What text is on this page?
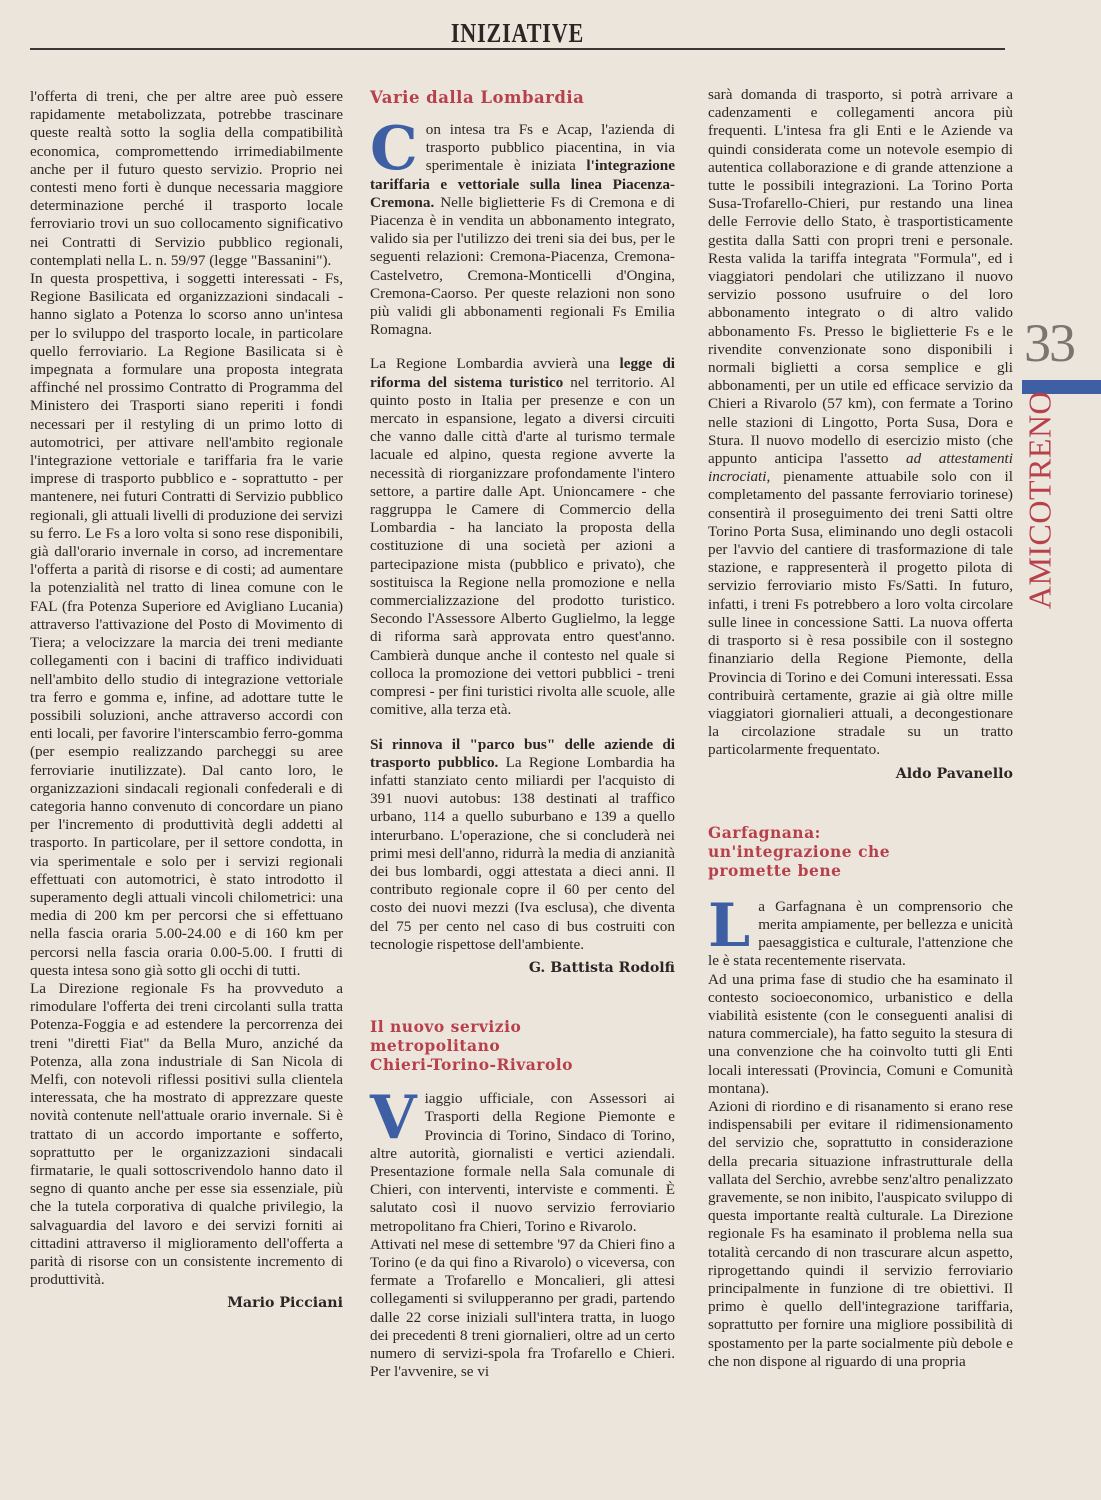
INIZIATIVE

l'offerta di treni, che per altre aree può essere rapidamente metabolizzata, potrebbe trascinare queste realtà sotto la soglia della compatibilità economica, compromettendo irrimediabilmente anche per il futuro questo servizio. Proprio nei contesti meno forti è dunque necessaria maggiore determinazione perché il trasporto locale ferroviario trovi un suo collocamento significativo nei Contratti di Servizio pubblico regionali, contemplati nella L. n. 59/97 (legge "Bassanini").

In questa prospettiva, i soggetti interessati - Fs, Regione Basilicata ed organizzazioni sindacali - hanno siglato a Potenza lo scorso anno un'intesa per lo sviluppo del trasporto locale, in particolare quello ferroviario. La Regione Basilicata si è impegnata a formulare una proposta integrata affinché nel prossimo Contratto di Programma del Ministero dei Trasporti siano reperiti i fondi necessari per il restyling di un primo lotto di automotrici, per attivare nell'ambito regionale l'integrazione vettoriale e tariffaria fra le varie imprese di trasporto pubblico e - soprattutto - per mantenere, nei futuri Contratti di Servizio pubblico regionali, gli attuali livelli di produzione dei servizi su ferro. Le Fs a loro volta si sono rese disponibili, già dall'orario invernale in corso, ad incrementare l'offerta a parità di risorse e di costi; ad aumentare la potenzialità nel tratto di linea comune con le FAL (fra Potenza Superiore ed Avigliano Lucania) attraverso l'attivazione del Posto di Movimento di Tiera; a velocizzare la marcia dei treni mediante collegamenti con i bacini di traffico individuati nell'ambito dello studio di integrazione vettoriale tra ferro e gomma e, infine, ad adottare tutte le possibili soluzioni, anche attraverso accordi con enti locali, per favorire l'interscambio ferro-gomma (per esempio realizzando parcheggi su aree ferroviarie inutilizzate). Dal canto loro, le organizzazioni sindacali regionali confederali e di categoria hanno convenuto di concordare un piano per l'incremento di produttività degli addetti al trasporto. In particolare, per il settore condotta, in via sperimentale e solo per i servizi regionali effettuati con automotrici, è stato introdotto il superamento degli attuali vincoli chilometrici: una media di 200 km per percorsi che si effettuano nella fascia oraria 5.00-24.00 e di 160 km per percorsi nella fascia oraria 0.00-5.00. I frutti di questa intesa sono già sotto gli occhi di tutti.

La Direzione regionale Fs ha provveduto a rimodulare l'offerta dei treni circolanti sulla tratta Potenza-Foggia e ad estendere la percorrenza dei treni "diretti Fiat" da Bella Muro, anziché da Potenza, alla zona industriale di San Nicola di Melfi, con notevoli riflessi positivi sulla clientela interessata, che ha mostrato di apprezzare queste novità contenute nell'attuale orario invernale. Si è trattato di un accordo importante e sofferto, soprattutto per le organizzazioni sindacali firmatarie, le quali sottoscrivendolo hanno dato il segno di quanto anche per esse sia essenziale, più che la tutela corporativa di qualche privilegio, la salvaguardia del lavoro e dei servizi forniti ai cittadini attraverso il miglioramento dell'offerta a parità di risorse con un consistente incremento di produttività.

Mario Picciani

Varie dalla Lombardia

Con intesa tra Fs e Acap, l'azienda di trasporto pubblico piacentina, in via sperimentale è iniziata l'integrazione tariffaria e vettoriale sulla linea Piacenza-Cremona. Nelle biglietterie Fs di Cremona e di Piacenza è in vendita un abbonamento integrato, valido sia per l'utilizzo dei treni sia dei bus, per le seguenti relazioni: Cremona-Piacenza, Cremona-Castelvetro, Cremona-Monticelli d'Ongina, Cremona-Caorso. Per queste relazioni non sono più validi gli abbonamenti regionali Fs Emilia Romagna.

La Regione Lombardia avvierà una legge di riforma del sistema turistico nel territorio. Al quinto posto in Italia per presenze e con un mercato in espansione, legato a diversi circuiti che vanno dalle città d'arte al turismo termale lacuale ed alpino, questa regione avverte la necessità di riorganizzare profondamente l'intero settore, a partire dalle Apt. Unioncamere - che raggruppa le Camere di Commercio della Lombardia - ha lanciato la proposta della costituzione di una società per azioni a partecipazione mista (pubblico e privato), che sostituisca la Regione nella promozione e nella commercializzazione del prodotto turistico. Secondo l'Assessore Alberto Guglielmo, la legge di riforma sarà approvata entro quest'anno. Cambierà dunque anche il contesto nel quale si colloca la promozione dei vettori pubblici - treni compresi - per fini turistici rivolta alle scuole, alle comitive, alla terza età.

Si rinnova il "parco bus" delle aziende di trasporto pubblico. La Regione Lombardia ha infatti stanziato cento miliardi per l'acquisto di 391 nuovi autobus: 138 destinati al traffico urbano, 114 a quello suburbano e 139 a quello interurbano. L'operazione, che si concluderà nei primi mesi dell'anno, ridurrà la media di anzianità dei bus lombardi, oggi attestata a dieci anni. Il contributo regionale copre il 60 per cento del costo dei nuovi mezzi (Iva esclusa), che diventa del 75 per cento nel caso di bus costruiti con tecnologie rispettose dell'ambiente.

G. Battista Rodolfi

Il nuovo servizio
metropolitano
Chieri-Torino-Rivarolo

Viaggio ufficiale, con Assessori ai Trasporti della Regione Piemonte e Provincia di Torino, Sindaco di Torino, altre autorità, giornalisti e vertici aziendali. Presentazione formale nella Sala comunale di Chieri, con interventi, interviste e commenti. È salutato così il nuovo servizio ferroviario metropolitano fra Chieri, Torino e Rivarolo.

Attivati nel mese di settembre '97 da Chieri fino a Torino (e da qui fino a Rivarolo) o viceversa, con fermate a Trofarello e Moncalieri, gli attesi collegamenti si svilupperanno per gradi, partendo dalle 22 corse iniziali sull'intera tratta, in luogo dei precedenti 8 treni giornalieri, oltre ad un certo numero di servizi-spola fra Trofarello e Chieri. Per l'avvenire, se vi

sarà domanda di trasporto, si potrà arrivare a cadenzamenti e collegamenti ancora più frequenti. L'intesa fra gli Enti e le Aziende va quindi considerata come un notevole esempio di autentica collaborazione e di grande attenzione a tutte le possibili integrazioni. La Torino Porta Susa-Trofarello-Chieri, pur restando una linea delle Ferrovie dello Stato, è trasportisticamente gestita dalla Satti con propri treni e personale. Resta valida la tariffa integrata "Formula", ed i viaggiatori pendolari che utilizzano il nuovo servizio possono usufruire o del loro abbonamento integrato o di altro valido abbonamento Fs. Presso le biglietterie Fs e le rivendite convenzionate sono disponibili i normali biglietti a corsa semplice e gli abbonamenti, per un utile ed efficace servizio da Chieri a Rivarolo (57 km), con fermate a Torino nelle stazioni di Lingotto, Porta Susa, Dora e Stura. Il nuovo modello di esercizio misto (che appunto anticipa l'assetto ad attestamenti incrociati, pienamente attuabile solo con il completamento del passante ferroviario torinese) consentirà il proseguimento dei treni Satti oltre Torino Porta Susa, eliminando uno degli ostacoli per l'avvio del cantiere di trasformazione di tale stazione, e rappresenterà il progetto pilota di servizio ferroviario misto Fs/Satti. In futuro, infatti, i treni Fs potrebbero a loro volta circolare sulle linee in concessione Satti. La nuova offerta di trasporto si è resa possibile con il sostegno finanziario della Regione Piemonte, della Provincia di Torino e dei Comuni interessati. Essa contribuirà certamente, grazie ai già oltre mille viaggiatori giornalieri attuali, a decongestionare la circolazione stradale su un tratto particolarmente frequentato.

Aldo Pavanello

Garfagnana:
un'integrazione che
promette bene

La Garfagnana è un comprensorio che merita ampiamente, per bellezza e unicità paesaggistica e culturale, l'attenzione che le è stata recentemente riservata.

Ad una prima fase di studio che ha esaminato il contesto socioeconomico, urbanistico e della viabilità esistente (con le conseguenti analisi di natura commerciale), ha fatto seguito la stesura di una convenzione che ha coinvolto tutti gli Enti locali interessati (Provincia, Comuni e Comunità montana).

Azioni di riordino e di risanamento si erano rese indispensabili per evitare il ridimensionamento del servizio che, soprattutto in considerazione della precaria situazione infrastrutturale della vallata del Serchio, avrebbe senz'altro penalizzato gravemente, se non inibito, l'auspicato sviluppo di questa importante realtà culturale. La Direzione regionale Fs ha esaminato il problema nella sua totalità cercando di non trascurare alcun aspetto, riprogettando quindi il servizio ferroviario principalmente in funzione di tre obiettivi. Il primo è quello dell'integrazione tariffaria, soprattutto per fornire una migliore possibilità di spostamento per la parte socialmente più debole e che non dispone al riguardo di una propria

33
AMICOTRENO
